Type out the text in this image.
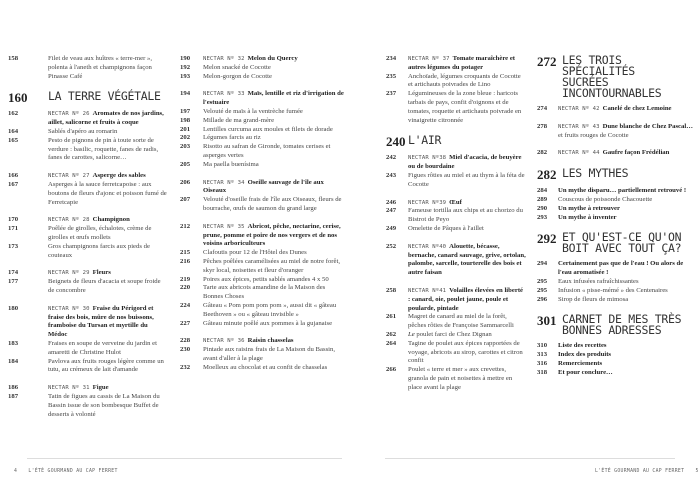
158	Filet de veau aux huîtres « terre-mer », polenta à l'aneth et champignons façon Pinasse Café
160	LA TERRE VÉGÉTALE
162	NECTAR Nº 26 Aromates de nos jardins, aillet, salicorne et fruits à coque
164	Sablés d'apéro au romarin
165	Pesto de pignons de pin à toute sorte de verdure : basilic, roquette, fanes de radis, fanes de carottes, salicorne…
166	NECTAR Nº 27 Asperge des sables
167	Asperges à la sauce ferretcapoise : aux boutons de fleurs d'ajonc et poisson fumé de Ferretcapie
170	NECTAR Nº 28 Champignon
171	Poêlée de girolles, échalotes, crème de girolles et œufs mollets
173	Gros champignons farcis aux pieds de couteaux
174	NECTAR Nº 29 Fleurs
177	Beignets de fleurs d'acacia et soupe froide de concombre
180	NECTAR Nº 30 Fraise du Périgord et fraise des bois, mûre de nos buissons, framboise du Tursan et myrtille du Médoc
183	Fraises en soupe de verveine du jardin et amaretti de Christine Hulot
184	Pavlova aux fruits rouges légère comme un tutu, au crémeux de lait d'amande
186	NECTAR Nº 31 Figue
187	Tatin de figues au cassis de La Maison du Bassin issue de son bombesque Buffet de desserts à volonté
190	NECTAR Nº 32 Melon du Quercy
192	Melon snacké de Cocotte
193	Melon-gorgon de Cocotte
194	NECTAR Nº 33 Maïs, lentille et riz d'irrigation de l'estuaire
197	Velouté de maïs à la ventrèche fumée
198	Millade de ma grand-mère
201	Lentilles curcuma aux moules et filets de dorade
202	Légumes farcis au riz
203	Risotto au safran de Gironde, tomates cerises et asperges vertes
205	Ma paella buenísima
206	NECTAR Nº 34 Oseille sauvage de l'île aux Oiseaux
207	Velouté d'oseille frais de l'île aux Oiseaux, fleurs de bourrache, œufs de saumon du grand large
212	NECTAR Nº 35 Abricot, pêche, nectarine, cerise, prune, pomme et poire de nos vergers et de nos voisins arboriculteurs
215	Clafoutis pour 12 de l'Hôtel des Dunes
216	Pêches poêlées caramélisées au miel de notre forêt, skyr local, noisettes et fleur d'oranger
219	Poires aux épices, petits sablés amandes 4 x 50
220	Tarte aux abricots amandine de la Maison des Bonnes Choses
224	Gâteau « Pom pom pom pom », aussi dit « gâteau Beethoven » ou « gâteau invisible »
227	Gâteau minute poêlé aux pommes à la gujanaise
228	NECTAR Nº 36 Raisin chasselas
230	Pintade aux raisins frais de La Maison du Bassin, avant d'aller à la plage
232	Moelleux au chocolat et au confit de chasselas
4 L'ÉTÉ GOURMAND AU CAP FERRET
234	NECTAR Nº 37 Tomate maraîchère et autres légumes du potager
235	Anchoïade, légumes croquants de Cocotte et artichauts poivrades de Lino
237	Légumineuses de la zone bleue : haricots tarbais de pays, confit d'oignons et de tomates, roquette et artichauts poivrade en vinaigrette citronnée
240 L'AIR
242	NECTAR Nº38 Miel d'acacia, de beuyère ou de bourdaine
243	Figues rôties au miel et au thym à la féta de Cocotte
246	NECTAR Nº39 Œuf
247	Fameuse tortilla aux chips et au chorizo du Bistrot de Peyo
249	Omelette de Pâques à l'aillet
252	NECTAR Nº40 Alouette, bécasse, bernache, canard sauvage, grive, ortolan, palombe, sarcelle, tourterelle des bois et autre faisan
258	NECTAR Nº41 Volailles élevées en liberté : canard, oie, poulet jaune, poule et poularde, pintade
261	Magret de canard au miel de la forêt, pêches rôties de Françoise Sammarcelli
262	Le poulet farci de Chez Dignan
264	Tagine de poulet aux épices rapportées de voyage, abricots au sirop, carottes et citron confit
266	Poulet « terre et mer » aux crevettes, granola de pain et noisettes à mettre en place avant la plage
272 LES TROIS
SPÉCIALITÉS
SUCRÉES
INCONTOURNABLES
274	NECTAR Nº 42 Canelé de chez Lemoine
278	NECTAR Nº 43 Dune blanche de Chez Pascal… et fruits rouges de Cocotte
282	NECTAR Nº 44 Gaufre façon Frédélian
282 LES MYTHES
284	Un mythe disparu… partiellement retrouvé !
289	Couscous de poissonde Chacouette
290	Un mythe à retrouver
293	Un mythe à inventer
292 ET QU'EST-CE QU'ON
BOIT AVEC TOUT ÇA?
294	Certainement pas que de l'eau ! Ou alors de l'eau aromatisée !
295	Eaux infusées rafraîchissantes
295	Infusion « pisse-mémé » des Centenaires
296	Sirop de fleurs de mimosa
301 CARNET DE MES TRÈS
BONNES ADRESSES
310	Liste des recettes
313	Index des produits
316	Remerciements
318	Et pour conclure…
L'ÉTÉ GOURMAND AU CAP FERRET 5
